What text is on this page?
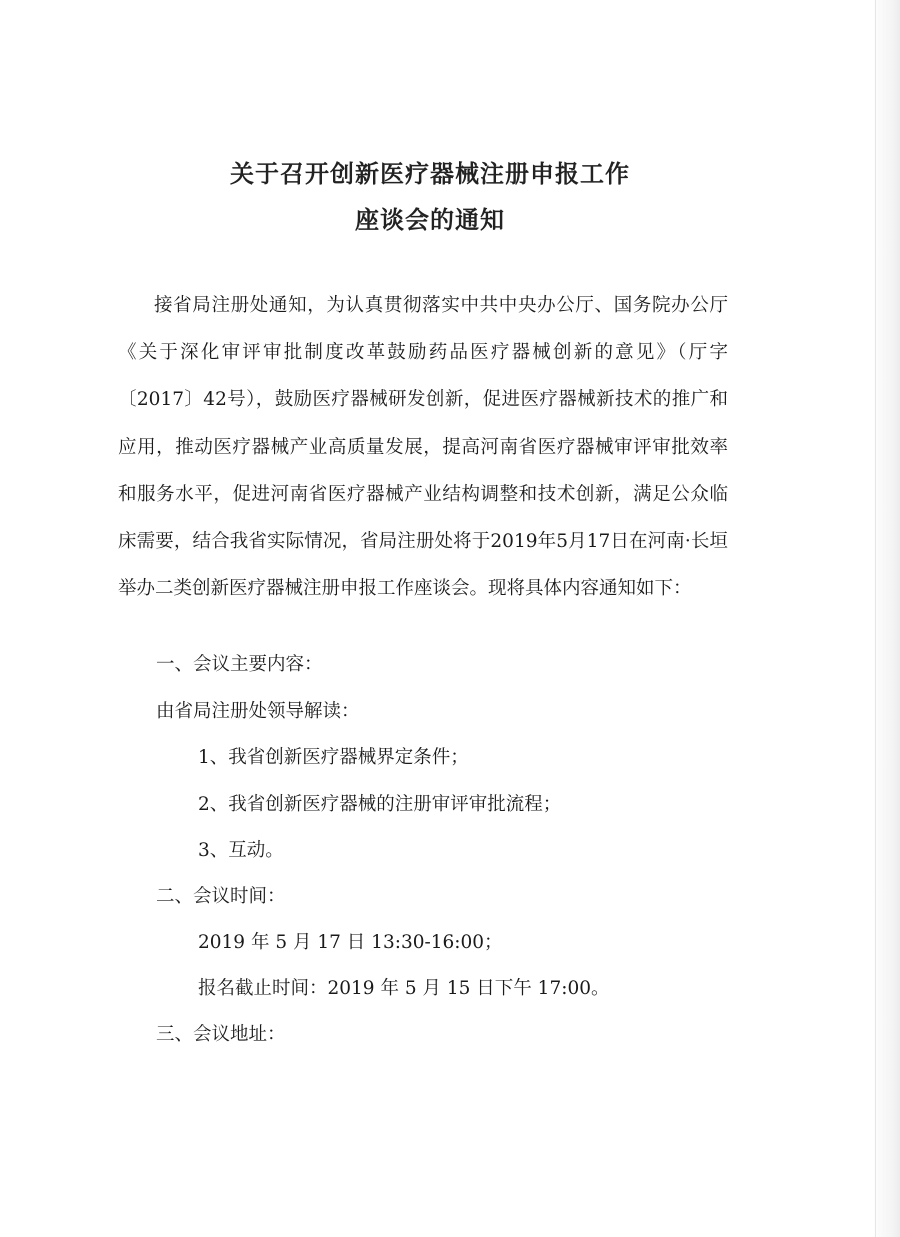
关于召开创新医疗器械注册申报工作
座谈会的通知

接省局注册处通知，为认真贯彻落实中共中央办公厅、国务院办公厅《关于深化审评审批制度改革鼓励药品医疗器械创新的意见》（厅字〔2017〕42号），鼓励医疗器械研发创新，促进医疗器械新技术的推广和应用，推动医疗器械产业高质量发展，提高河南省医疗器械审评审批效率和服务水平，促进河南省医疗器械产业结构调整和技术创新，满足公众临床需要，结合我省实际情况，省局注册处将于2019年5月17日在河南·长垣举办二类创新医疗器械注册申报工作座谈会。现将具体内容通知如下：

一、会议主要内容：
由省局注册处领导解读：
1、我省创新医疗器械界定条件；
2、我省创新医疗器械的注册审评审批流程；
3、互动。
二、会议时间：
2019 年 5 月 17 日 13:30-16:00；
报名截止时间：2019 年 5 月 15 日下午 17:00。
三、会议地址：
